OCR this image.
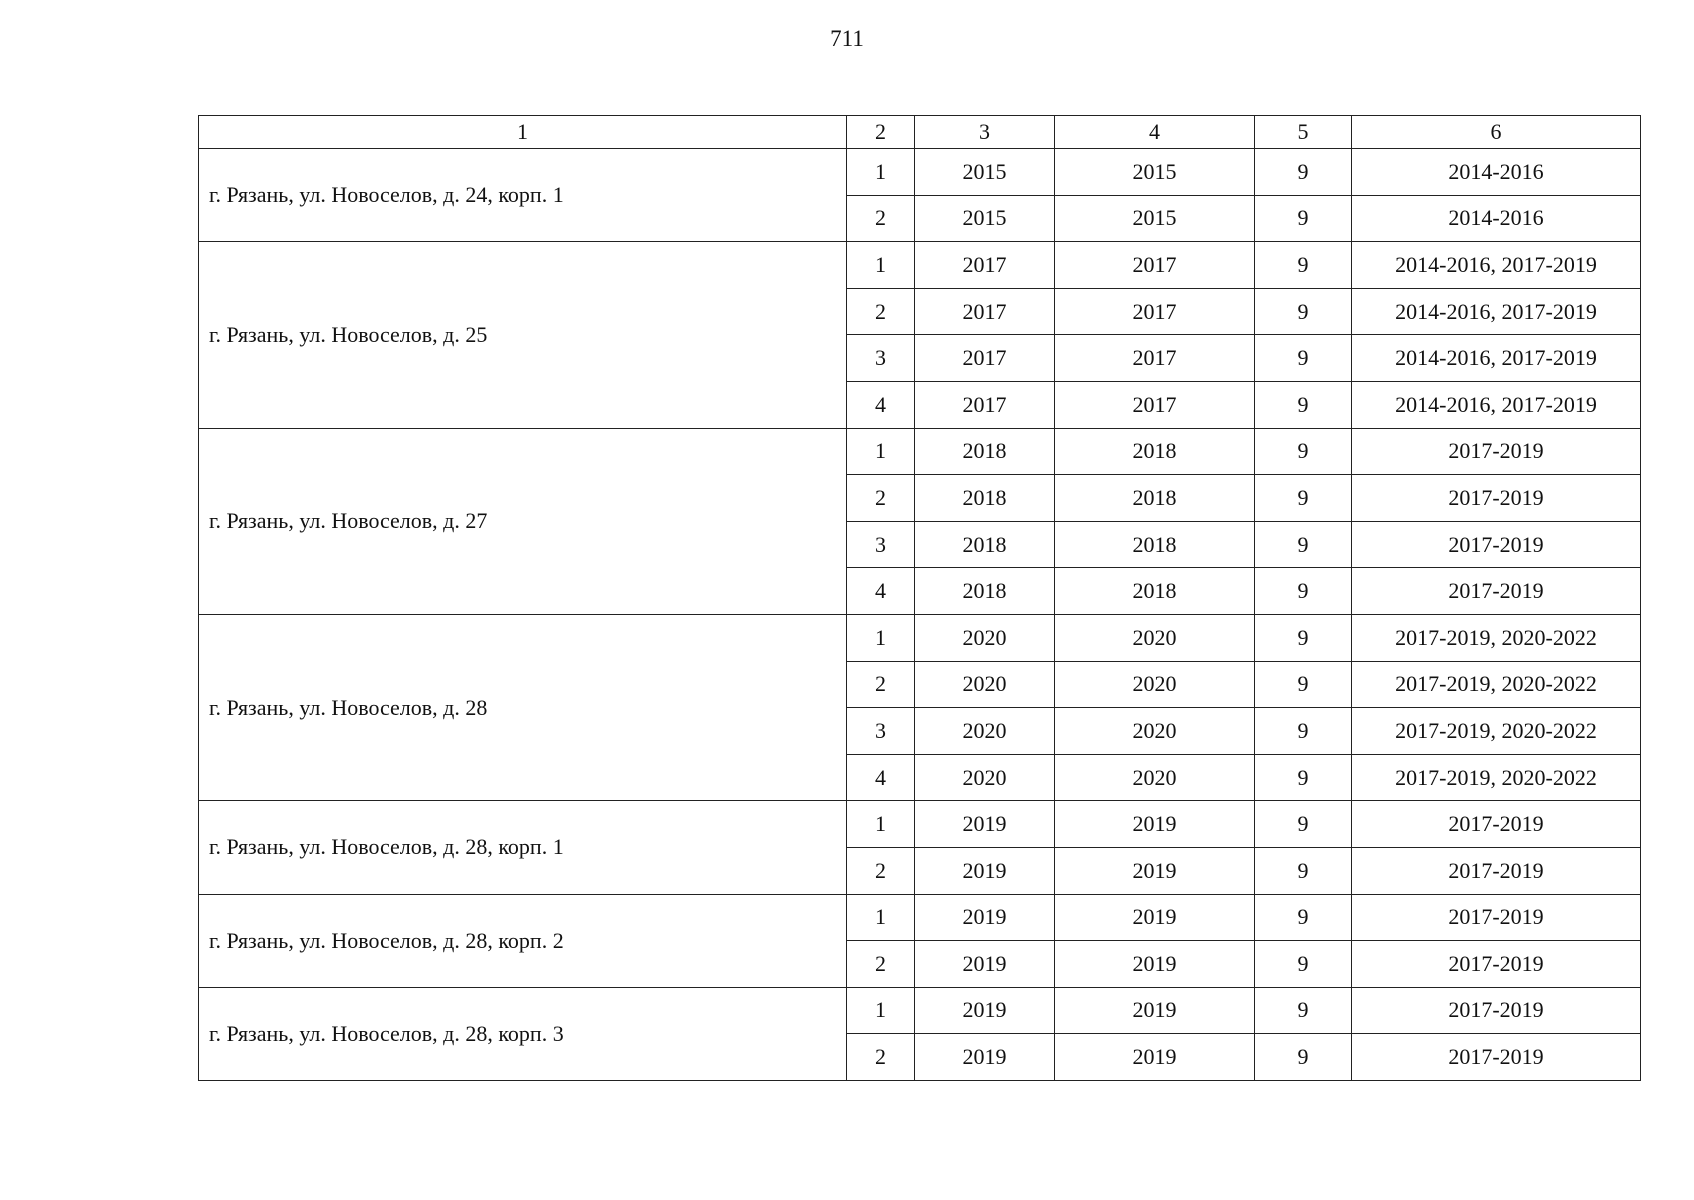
711
1	2	3	4	5	6
г. Рязань, ул. Новоселов, д. 24, корп. 1	1	2015	2015	9	2014-2016
	2	2015	2015	9	2014-2016
г. Рязань, ул. Новоселов, д. 25	1	2017	2017	9	2014-2016, 2017-2019
	2	2017	2017	9	2014-2016, 2017-2019
	3	2017	2017	9	2014-2016, 2017-2019
	4	2017	2017	9	2014-2016, 2017-2019
г. Рязань, ул. Новоселов, д. 27	1	2018	2018	9	2017-2019
	2	2018	2018	9	2017-2019
	3	2018	2018	9	2017-2019
	4	2018	2018	9	2017-2019
г. Рязань, ул. Новоселов, д. 28	1	2020	2020	9	2017-2019, 2020-2022
	2	2020	2020	9	2017-2019, 2020-2022
	3	2020	2020	9	2017-2019, 2020-2022
	4	2020	2020	9	2017-2019, 2020-2022
г. Рязань, ул. Новоселов, д. 28, корп. 1	1	2019	2019	9	2017-2019
	2	2019	2019	9	2017-2019
г. Рязань, ул. Новоселов, д. 28, корп. 2	1	2019	2019	9	2017-2019
	2	2019	2019	9	2017-2019
г. Рязань, ул. Новоселов, д. 28, корп. 3	1	2019	2019	9	2017-2019
	2	2019	2019	9	2017-2019
